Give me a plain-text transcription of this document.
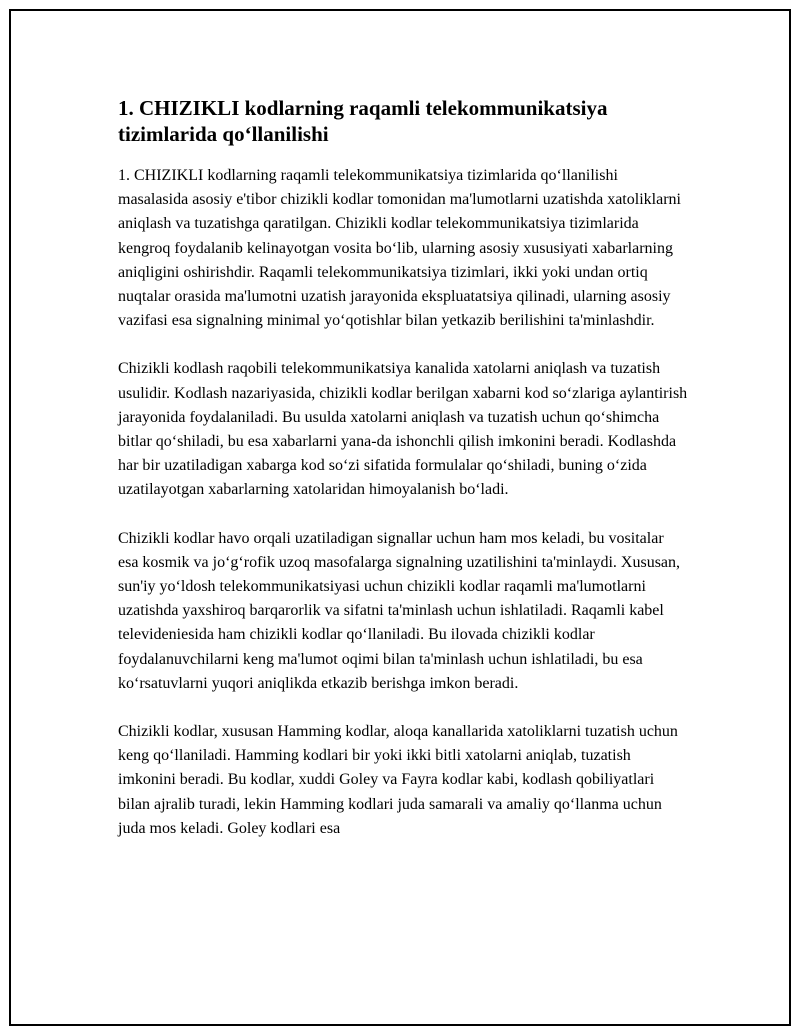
1. CHIZIKLI kodlarning raqamli telekommunikatsiya tizimlarida qo‘llanilishi

1. CHIZIKLI kodlarning raqamli telekommunikatsiya tizimlarida qo‘llanilishi masalasida asosiy e'tibor chizikli kodlar tomonidan ma'lumotlarni uzatishda xatoliklarni aniqlash va tuzatishga qaratilgan. Chizikli kodlar telekommunikatsiya tizimlarida kengroq foydalanib kelinayotgan vosita bo‘lib, ularning asosiy xususiyati xabarlarning aniqligini oshirishdir. Raqamli telekommunikatsiya tizimlari, ikki yoki undan ortiq nuqtalar orasida ma'lumotni uzatish jarayonida ekspluatatsiya qilinadi, ularning asosiy vazifasi esa signalning minimal yo‘qotishlar bilan yetkazib berilishini ta'minlashdir.

Chizikli kodlash raqobili telekommunikatsiya kanalida xatolarni aniqlash va tuzatish usulidir. Kodlash nazariyasida, chizikli kodlar berilgan xabarni kod so‘zlariga aylantirish jarayonida foydalaniladi. Bu usulda xatolarni aniqlash va tuzatish uchun qo‘shimcha bitlar qo‘shiladi, bu esa xabarlarni yana-da ishonchli qilish imkonini beradi. Kodlashda har bir uzatiladigan xabarga kod so‘zi sifatida formulalar qo‘shiladi, buning o‘zida uzatilayotgan xabarlarning xatolaridan himoyalanish bo‘ladi.

Chizikli kodlar havo orqali uzatiladigan signallar uchun ham mos keladi, bu vositalar esa kosmik va jo‘g‘rofik uzoq masofalarga signalning uzatilishini ta'minlaydi. Xususan, sun'iy yo‘ldosh telekommunikatsiyasi uchun chizikli kodlar raqamli ma'lumotlarni uzatishda yaxshiroq barqarorlik va sifatni ta'minlash uchun ishlatiladi. Raqamli kabel televideniesida ham chizikli kodlar qo‘llaniladi. Bu ilovada chizikli kodlar foydalanuvchilarni keng ma'lumot oqimi bilan ta'minlash uchun ishlatiladi, bu esa ko‘rsatuvlarni yuqori aniqlikda etkazib berishga imkon beradi.

Chizikli kodlar, xususan Hamming kodlar, aloqa kanallarida xatoliklarni tuzatish uchun keng qo‘llaniladi. Hamming kodlari bir yoki ikki bitli xatolarni aniqlab, tuzatish imkonini beradi. Bu kodlar, xuddi Goley va Fayra kodlar kabi, kodlash qobiliyatlari bilan ajralib turadi, lekin Hamming kodlari juda samarali va amaliy qo‘llanma uchun juda mos keladi. Goley kodlari esa
